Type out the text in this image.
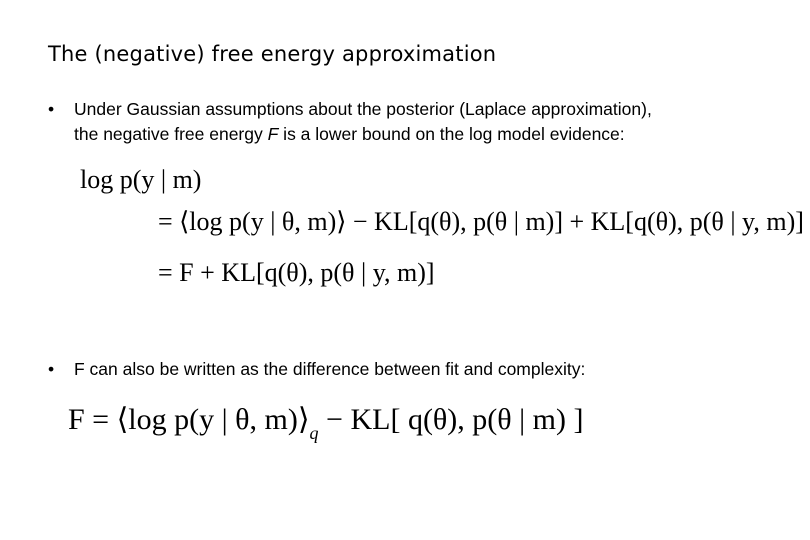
The (negative) free energy approximation
• Under Gaussian assumptions about the posterior (Laplace approximation),
the negative free energy F is a lower bound on the log model evidence:
log p(y | m)
= ⟨log p(y | θ, m)⟩ − KL[q(θ), p(θ | m)] + KL[q(θ), p(θ | y, m)]
= F + KL[q(θ), p(θ | y, m)]
• F can also be written as the difference between fit and complexity:
F = ⟨log p(y | θ, $m)⟩_q - KL$[ q(θ), p(θ | m) ]
